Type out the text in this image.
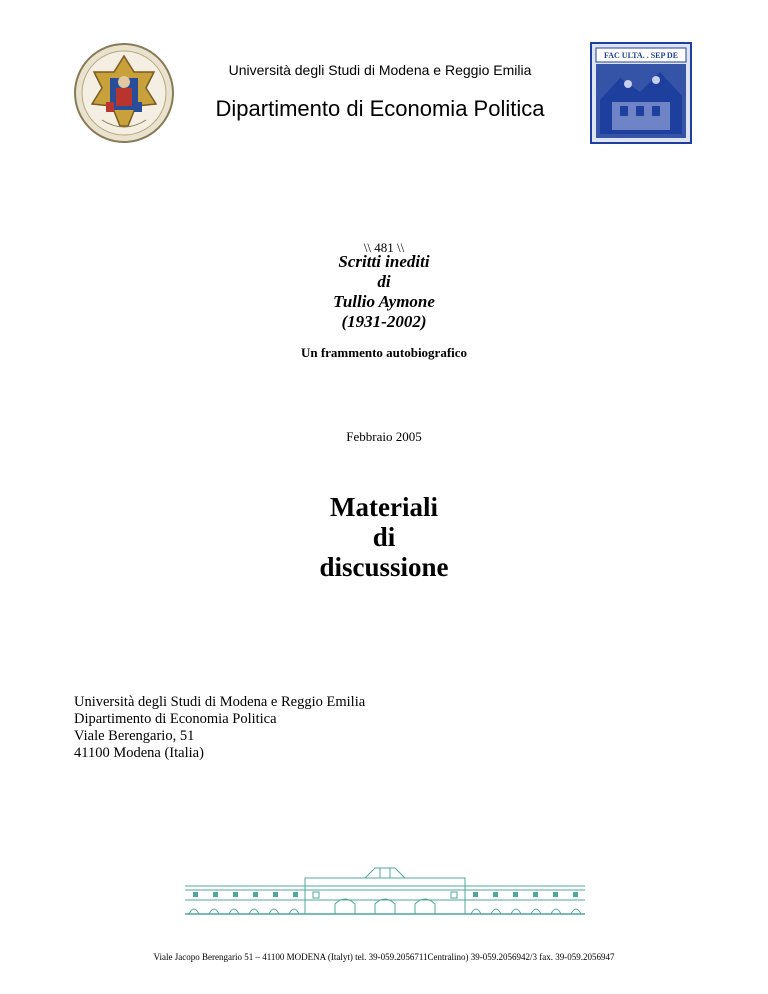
Università degli Studi di Modena e Reggio Emilia
Dipartimento di Economia Politica
FAC ULTA. . SEP DE
\\ 481 \\
Scritti inediti
di
Tullio Aymone
(1931-2002)
Un frammento autobiografico
Febbraio 2005
Materiali
di
discussione
Università degli Studi di Modena e Reggio Emilia
Dipartimento di Economia Politica
Viale Berengario, 51
41100 Modena (Italia)
Viale Jacopo Berengario 51 – 41100 MODENA (Italyt) tel. 39-059.2056711Centralino) 39-059.2056942/3 fax. 39-059.2056947
